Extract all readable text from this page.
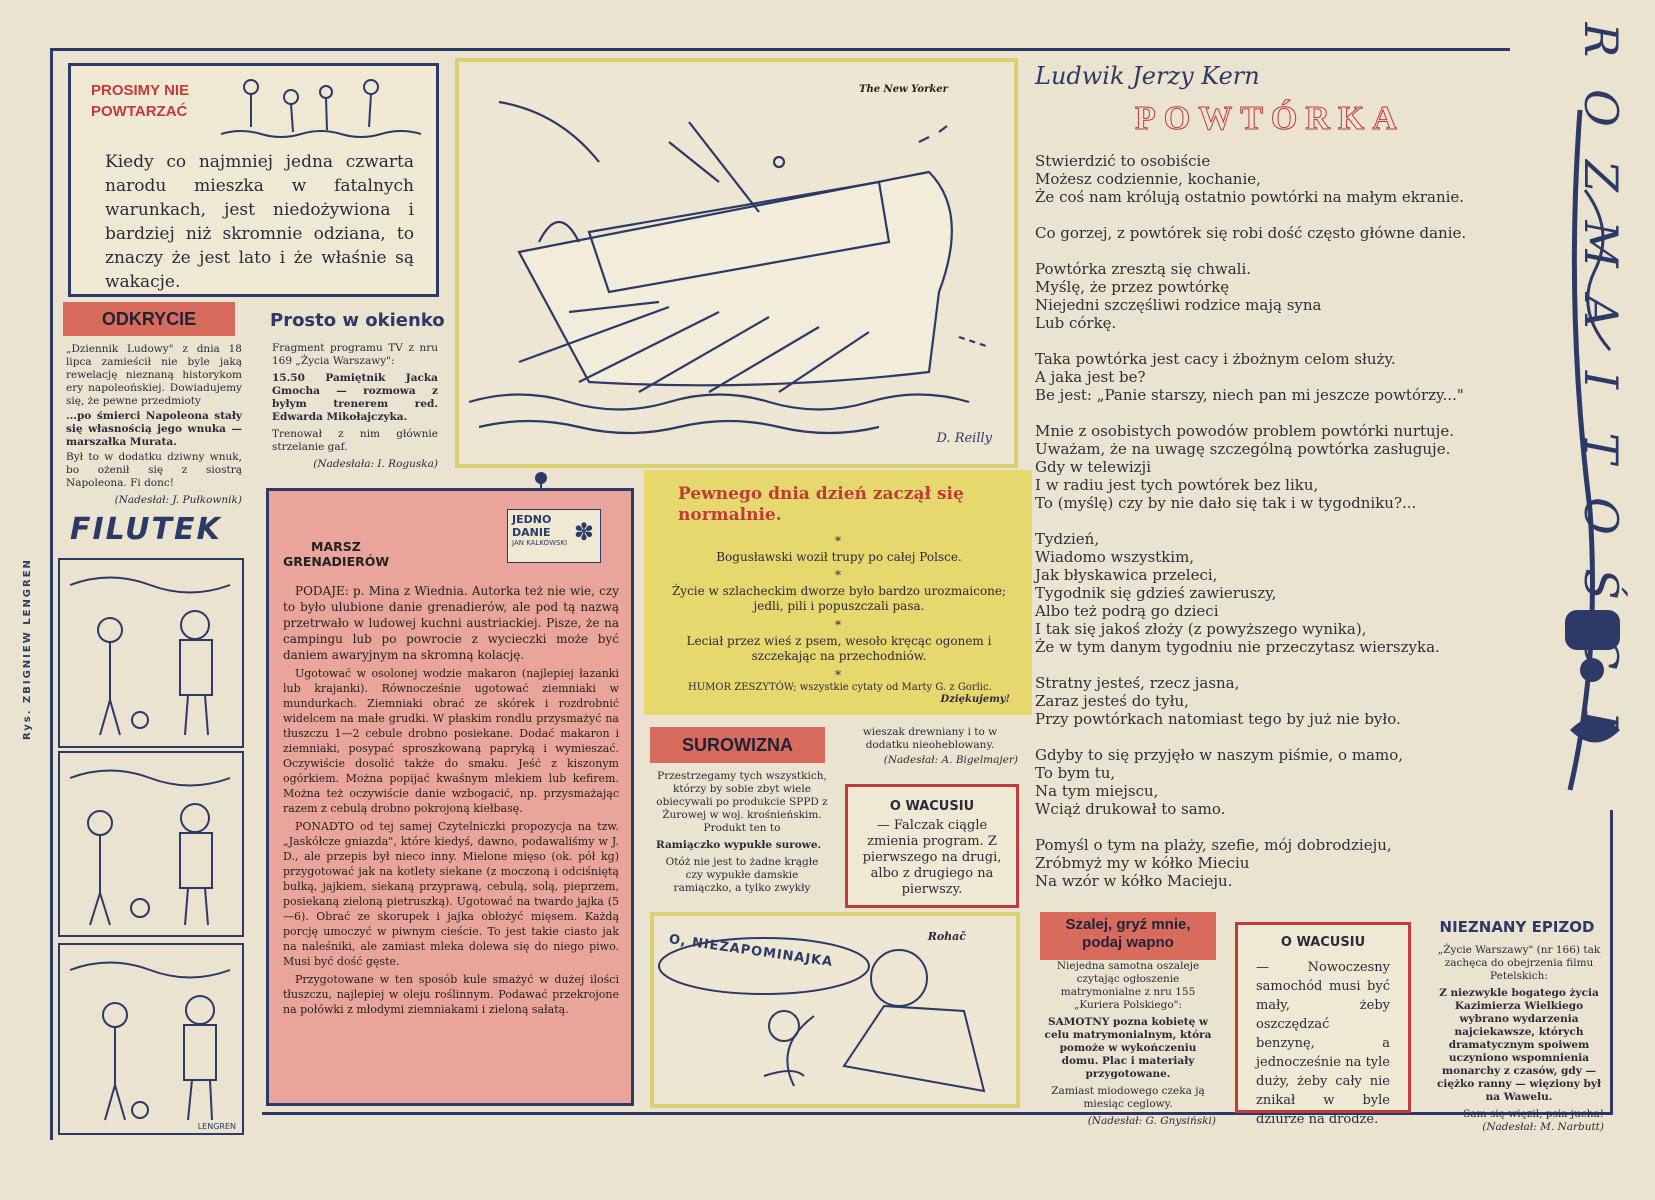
R
O
Z
M
A
I
T
O
Ś
C
I
Rys. ZBIGNIEW LENGREN
PROSIMY NIE
POWTARZAĆ
Kiedy co najmniej jedna czwarta narodu mieszka w fatalnych warunkach, jest niedożywiona i bardziej niż skromnie odziana, to znaczy że jest lato i że właśnie są wakacje.
ODKRYCIE
„Dziennik Ludowy" z dnia 18 lipca zamieścił nie byle jaką rewelację nieznaną historykom ery napoleońskiej. Dowiadujemy się, że pewne przedmioty
...po śmierci Napoleona stały się własnością jego wnuka — marszałka Murata.
Był to w dodatku dziwny wnuk, bo ożenił się z siostrą Napoleona. Fi donc!
(Nadesłał: J. Pułkownik)
Prosto w okienko
Fragment programu TV z nru 169 „Życia Warszawy":
15.50 Pamiętnik Jacka Gmocha — rozmowa z byłym trenerem red. Edwarda Mikołajczyka.
Trenował z nim głównie strzelanie gaf.
(Nadesłała: I. Roguska)
FILUTEK
LENGREN
The New Yorker
D. Reilly
Ludwik Jerzy Kern
POWTÓRKA
Stwierdzić to osobiście
Możesz codziennie, kochanie,
Że coś nam królują ostatnio powtórki na małym ekranie.
Co gorzej, z powtórek się robi dość często główne danie.
Powtórka zresztą się chwali.
Myślę, że przez powtórkę
Niejedni szczęśliwi rodzice mają syna
Lub córkę.
Taka powtórka jest cacy i żbożnym celom służy.
A jaka jest be?
Be jest: „Panie starszy, niech pan mi jeszcze powtórzy..."
Mnie z osobistych powodów problem powtórki nurtuje.
Uważam, że na uwagę szczególną powtórka zasługuje.
Gdy w telewizji
I w radiu jest tych powtórek bez liku,
To (myślę) czy by nie dało się tak i w tygodniku?...
Tydzień,
Wiadomo wszystkim,
Jak błyskawica przeleci,
Tygodnik się gdzieś zawieruszy,
Albo też podrą go dzieci
I tak się jakoś złoży (z powyższego wynika),
Że w tym danym tygodniu nie przeczytasz wierszyka.
Stratny jesteś, rzecz jasna,
Zaraz jesteś do tyłu,
Przy powtórkach natomiast tego by już nie było.
Gdyby to się przyjęło w naszym piśmie, o mamo,
To bym tu,
Na tym miejscu,
Wciąż drukował to samo.
Pomyśl o tym na plaży, szefie, mój dobrodzieju,
Zróbmyż my w kółko Mieciu
Na wzór w kółko Macieju.
JEDNO
DANIE
JAN KALKOWSKI ✽
MARSZ
GRENADIERÓW

PODAJE: p. Mina z Wiednia. Autorka też nie wie, czy to było ulubione danie grenadierów, ale pod tą nazwą przetrwało w ludowej kuchni austriackiej. Pisze, że na campingu lub po powrocie z wycieczki może być daniem awaryjnym na skromną kolację.

Ugotować w osolonej wodzie makaron (najlepiej łazanki lub krajanki). Równocześnie ugotować ziemniaki w mundurkach. Ziemniaki obrać ze skórek i rozdrobnić widelcem na małe grudki. W płaskim rondlu przysmażyć na tłuszczu 1—2 cebule drobno posiekane. Dodać makaron i ziemniaki, posypać sproszkowaną papryką i wymieszać. Oczywiście dosolić także do smaku. Jeść z kiszonym ogórkiem. Można popijać kwaśnym mlekiem lub kefirem. Można też oczywiście danie wzbogacić, np. przysmażając razem z cebulą drobno pokrojoną kiełbasę.

PONADTO od tej samej Czytelniczki propozycja na tzw. „Jaskółcze gniazda", które kiedyś, dawno, podawaliśmy w J. D., ale przepis był nieco inny. Mielone mięso (ok. pół kg) przygotować jak na kotlety siekane (z moczoną i odciśniętą bułką, jajkiem, siekaną przyprawą, cebulą, solą, pieprzem, posiekaną zieloną pietruszką). Ugotować na twardo jajka (5—6). Obrać ze skorupek i jajka obłożyć mięsem. Każdą porcję umoczyć w piwnym cieście. To jest takie ciasto jak na naleśniki, ale zamiast mleka dolewa się do niego piwo. Musi być dość gęste.

Przygotowane w ten sposób kule smażyć w dużej ilości tłuszczu, najlepiej w oleju roślinnym. Podawać przekrojone na połówki z młodymi ziemniakami i zieloną sałatą.

Pewnego dnia dzień zaczął się normalnie.
*
Bogusławski woził trupy po całej Polsce.
*
Życie w szlacheckim dworze było bardzo urozmaicone; jedli, pili i popuszczali pasa.
*
Leciał przez wieś z psem, wesoło kręcąc ogonem i szczekając na przechodniów.
*
HUMOR ZESZYTÓW; wszystkie cytaty od Marty G. z Gorlic.
Dziękujemy!
SUROWIZNA
Przestrzegamy tych wszystkich, którzy by sobie zbyt wiele obiecywali po produkcie SPPD z Żurowej w woj. krośnieńskim. Produkt ten to
Ramiączko wypukłe surowe.
Otóż nie jest to żadne krągłe czy wypukłe damskie ramiączko, a tylko zwykły
wieszak drewniany i to w dodatku nieoheblowany.
(Nadesłał: A. Bigelmajer)
O WACUSIU
— Falczak ciągle zmienia program. Z pierwszego na drugi, albo z drugiego na pierwszy.
O, NIEZAPOMINAJKA	Rohač
Szalej, gryź mnie,
podaj wapno
Niejedna samotna oszaleje czytając ogłoszenie matrymonialne z nru 155 „Kuriera Polskiego":
SAMOTNY pozna kobietę w celu matrymonialnym, która pomoże w wykończeniu domu. Plac i materiały przygotowane.
Zamiast miodowego czeka ją miesiąc ceglowy.
(Nadesłał: G. Gnysiński)
O WACUSIU
— Nowoczesny samochód musi być mały, żeby oszczędzać benzynę, a jednocześnie na tyle duży, żeby cały nie znikał w byle dziurze na drodze.
NIEZNANY EPIZOD
„Życie Warszawy" (nr 166) tak zachęca do obejrzenia filmu Petelskich:
Z niezwykle bogatego życia Kazimierza Wielkiego wybrano wydarzenia najciekawsze, których dramatycznym spoiwem uczyniono wspomnienia monarchy z czasów, gdy — ciężko ranny — więziony był na Wawelu.
Sam się więził, psia jucha!
(Nadesłał: M. Narbutt)
